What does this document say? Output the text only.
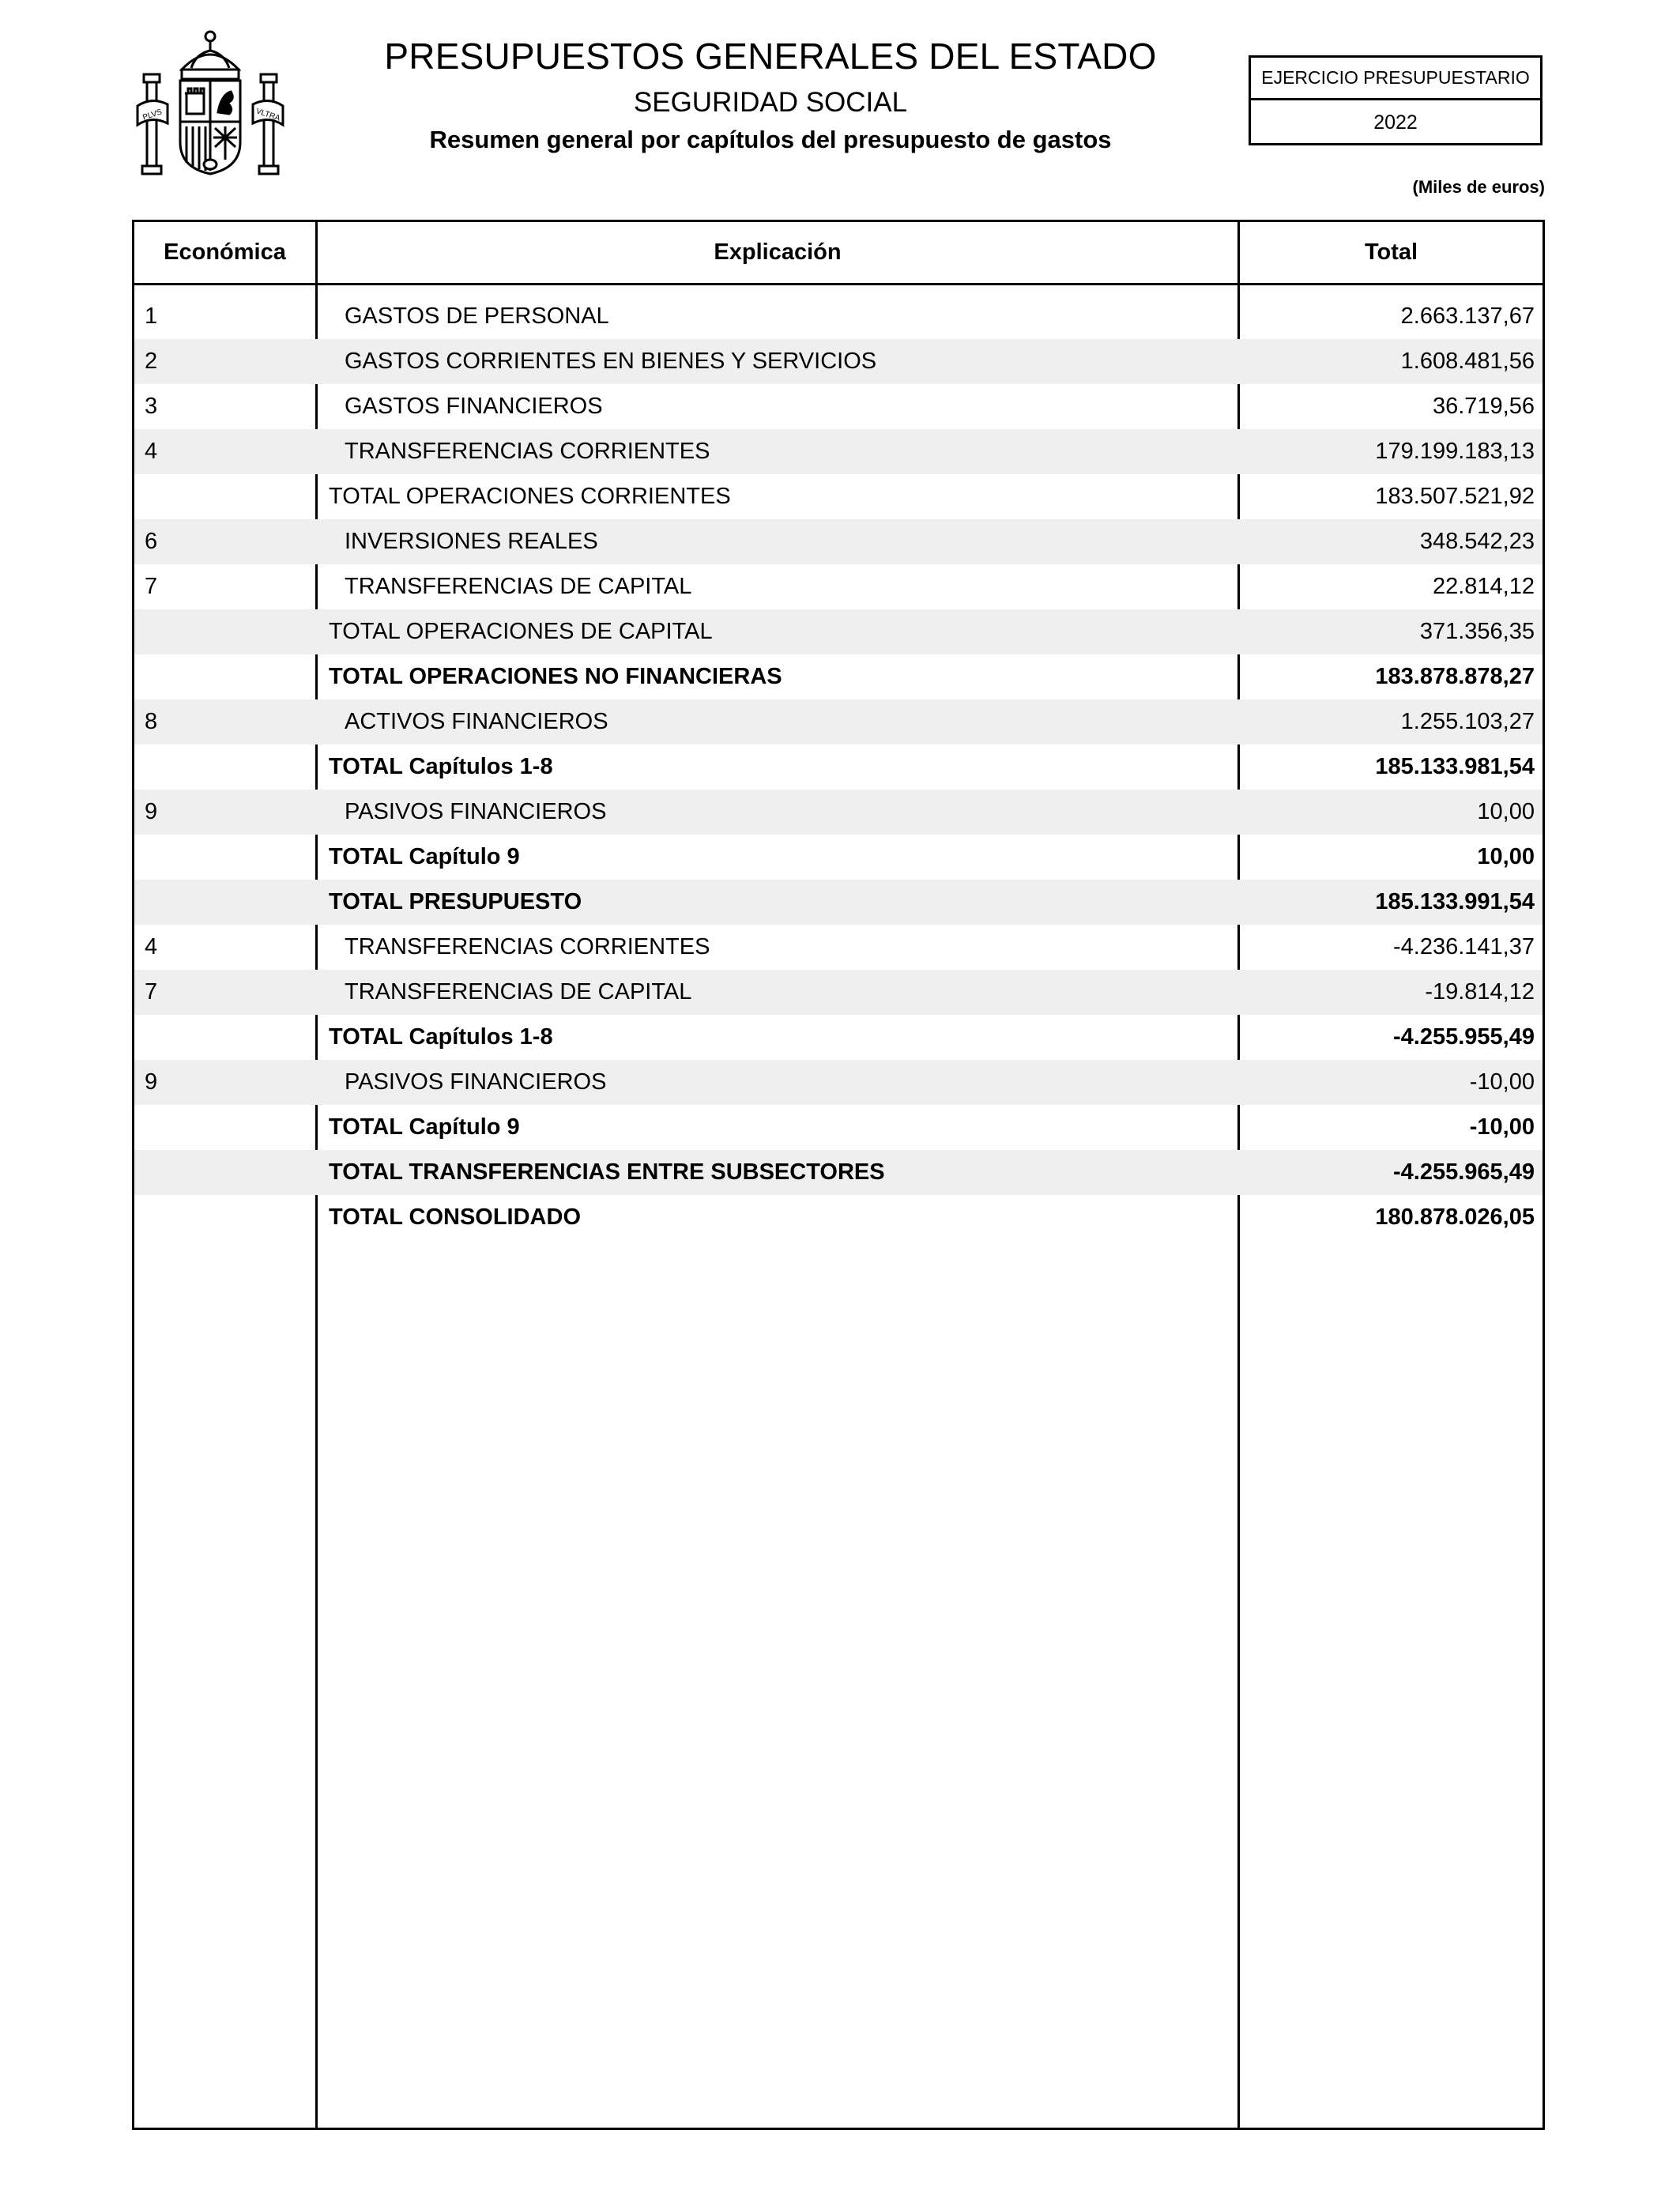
PLVS	VLTRA
PRESUPUESTOS GENERALES DEL ESTADO
SEGURIDAD SOCIAL
Resumen general por capítulos del presupuesto de gastos
EJERCICIO PRESUPUESTARIO
2022
(Miles de euros)
Económica	Explicación	Total
1	GASTOS DE PERSONAL	2.663.137,67
2	GASTOS CORRIENTES EN BIENES Y SERVICIOS	1.608.481,56
3	GASTOS FINANCIEROS	36.719,56
4	TRANSFERENCIAS CORRIENTES	179.199.183,13
TOTAL OPERACIONES CORRIENTES	183.507.521,92
6	INVERSIONES REALES	348.542,23
7	TRANSFERENCIAS DE CAPITAL	22.814,12
TOTAL OPERACIONES DE CAPITAL	371.356,35
TOTAL OPERACIONES NO FINANCIERAS	183.878.878,27
8	ACTIVOS FINANCIEROS	1.255.103,27
TOTAL Capítulos 1-8	185.133.981,54
9	PASIVOS FINANCIEROS	10,00
TOTAL Capítulo 9	10,00
TOTAL PRESUPUESTO	185.133.991,54
4	TRANSFERENCIAS CORRIENTES	-4.236.141,37
7	TRANSFERENCIAS DE CAPITAL	-19.814,12
TOTAL Capítulos 1-8	-4.255.955,49
9	PASIVOS FINANCIEROS	-10,00
TOTAL Capítulo 9	-10,00
TOTAL TRANSFERENCIAS ENTRE SUBSECTORES	-4.255.965,49
TOTAL CONSOLIDADO	180.878.026,05
